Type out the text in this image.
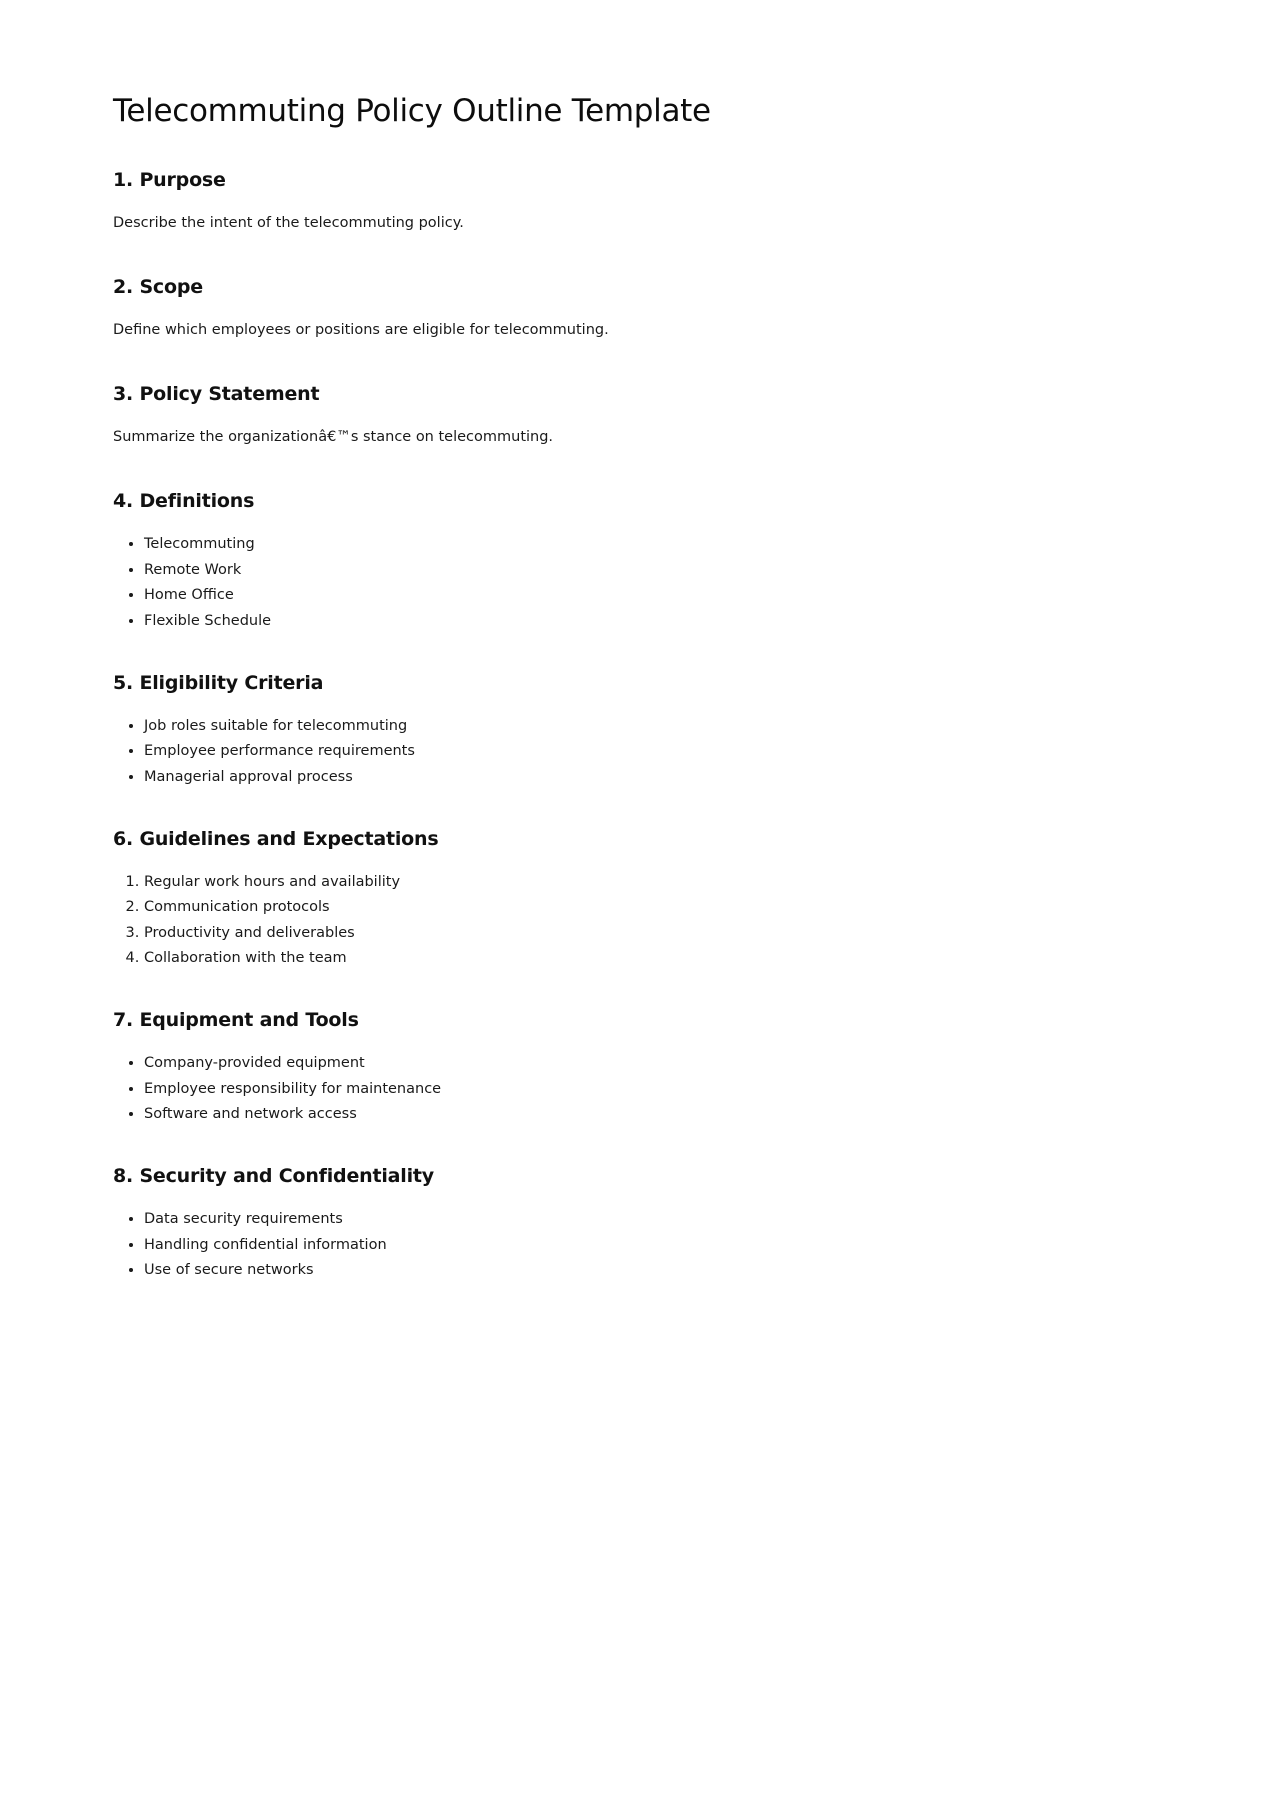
Telecommuting Policy Outline Template
1. Purpose

Describe the intent of the telecommuting policy.

2. Scope

Define which employees or positions are eligible for telecommuting.

3. Policy Statement

Summarize the organizationâ€™s stance on telecommuting.

4. Definitions
• Telecommuting
• Remote Work
• Home Office
• Flexible Schedule
5. Eligibility Criteria
• Job roles suitable for telecommuting
• Employee performance requirements
• Managerial approval process
6. Guidelines and Expectations
1. Regular work hours and availability
2. Communication protocols
3. Productivity and deliverables
4. Collaboration with the team
7. Equipment and Tools
• Company-provided equipment
• Employee responsibility for maintenance
• Software and network access
8. Security and Confidentiality
• Data security requirements
• Handling confidential information
• Use of secure networks
